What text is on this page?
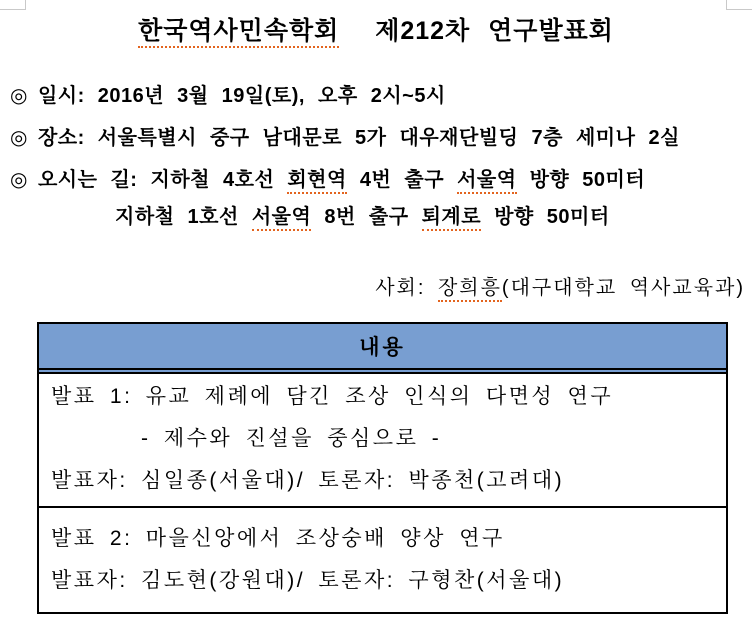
한국역사민속학회 제212차 연구발표회
◎ 일시: 2016년 3월 19일(토), 오후 2시~5시
◎ 장소: 서울특별시 중구 남대문로 5가 대우재단빌딩 7층 세미나 2실
◎ 오시는 길: 지하철 4호선 회현역 4번 출구 서울역 방향 50미터
지하철 1호선 서울역 8번 출구 퇴계로 방향 50미터
사회: 장희흥(대구대학교 역사교육과)
내용
발표 1: 유교 제례에 담긴 조상 인식의 다면성 연구
- 제수와 진설을 중심으로 -
발표자: 심일종(서울대)/ 토론자: 박종천(고려대)
발표 2: 마을신앙에서 조상숭배 양상 연구
발표자: 김도현(강원대)/ 토론자: 구형찬(서울대)
